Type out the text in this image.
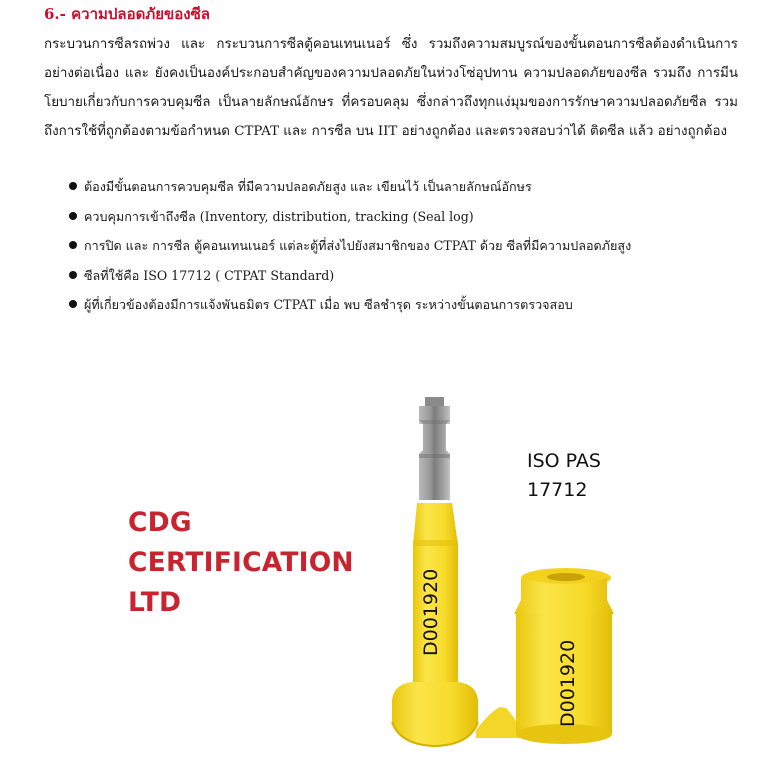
6.- ความปลอดภัยของซีล

กระบวนการซีลรถพ่วง และ กระบวนการซีลตู้คอนเทนเนอร์ ซึ่ง รวมถึงความสมบูรณ์ของขั้นตอนการซีลต้องดำเนินการอย่างต่อเนื่อง และ ยังคงเป็นองค์ประกอบสำคัญของความปลอดภัยในห่วงโซ่อุปทาน ความปลอดภัยของซีล รวมถึง การมีนโยบายเกี่ยวกับการควบคุมซีล เป็นลายลักษณ์อักษร ที่ครอบคลุม ซึ่งกล่าวถึงทุกแง่มุมของการรักษาความปลอดภัยซีล รวมถึงการใช้ที่ถูกต้องตามข้อกำหนด CTPAT และ การซีล บน IIT อย่างถูกต้อง และตรวจสอบว่าได้ ติดซีล แล้ว อย่างถูกต้อง

ต้องมีขั้นตอนการควบคุมซีล ที่มีความปลอดภัยสูง และ เขียนไว้ เป็นลายลักษณ์อักษร
ควบคุมการเข้าถึงซีล (Inventory, distribution, tracking (Seal log)
การปิด และ การซีล ตู้คอนเทนเนอร์ แต่ละตู้ที่ส่งไปยังสมาชิกของ CTPAT ด้วย ซีลที่มีความปลอดภัยสูง
ซีลที่ใช้คือ ISO 17712 ( CTPAT Standard)
ผู้ที่เกี่ยวข้องต้องมีการแจ้งพันธมิตร CTPAT เมื่อ พบ ซีลชำรุด ระหว่างขั้นตอนการตรวจสอบ
CDG
CERTIFICATION
LTD
ISO PAS
17712
D001920
D001920
